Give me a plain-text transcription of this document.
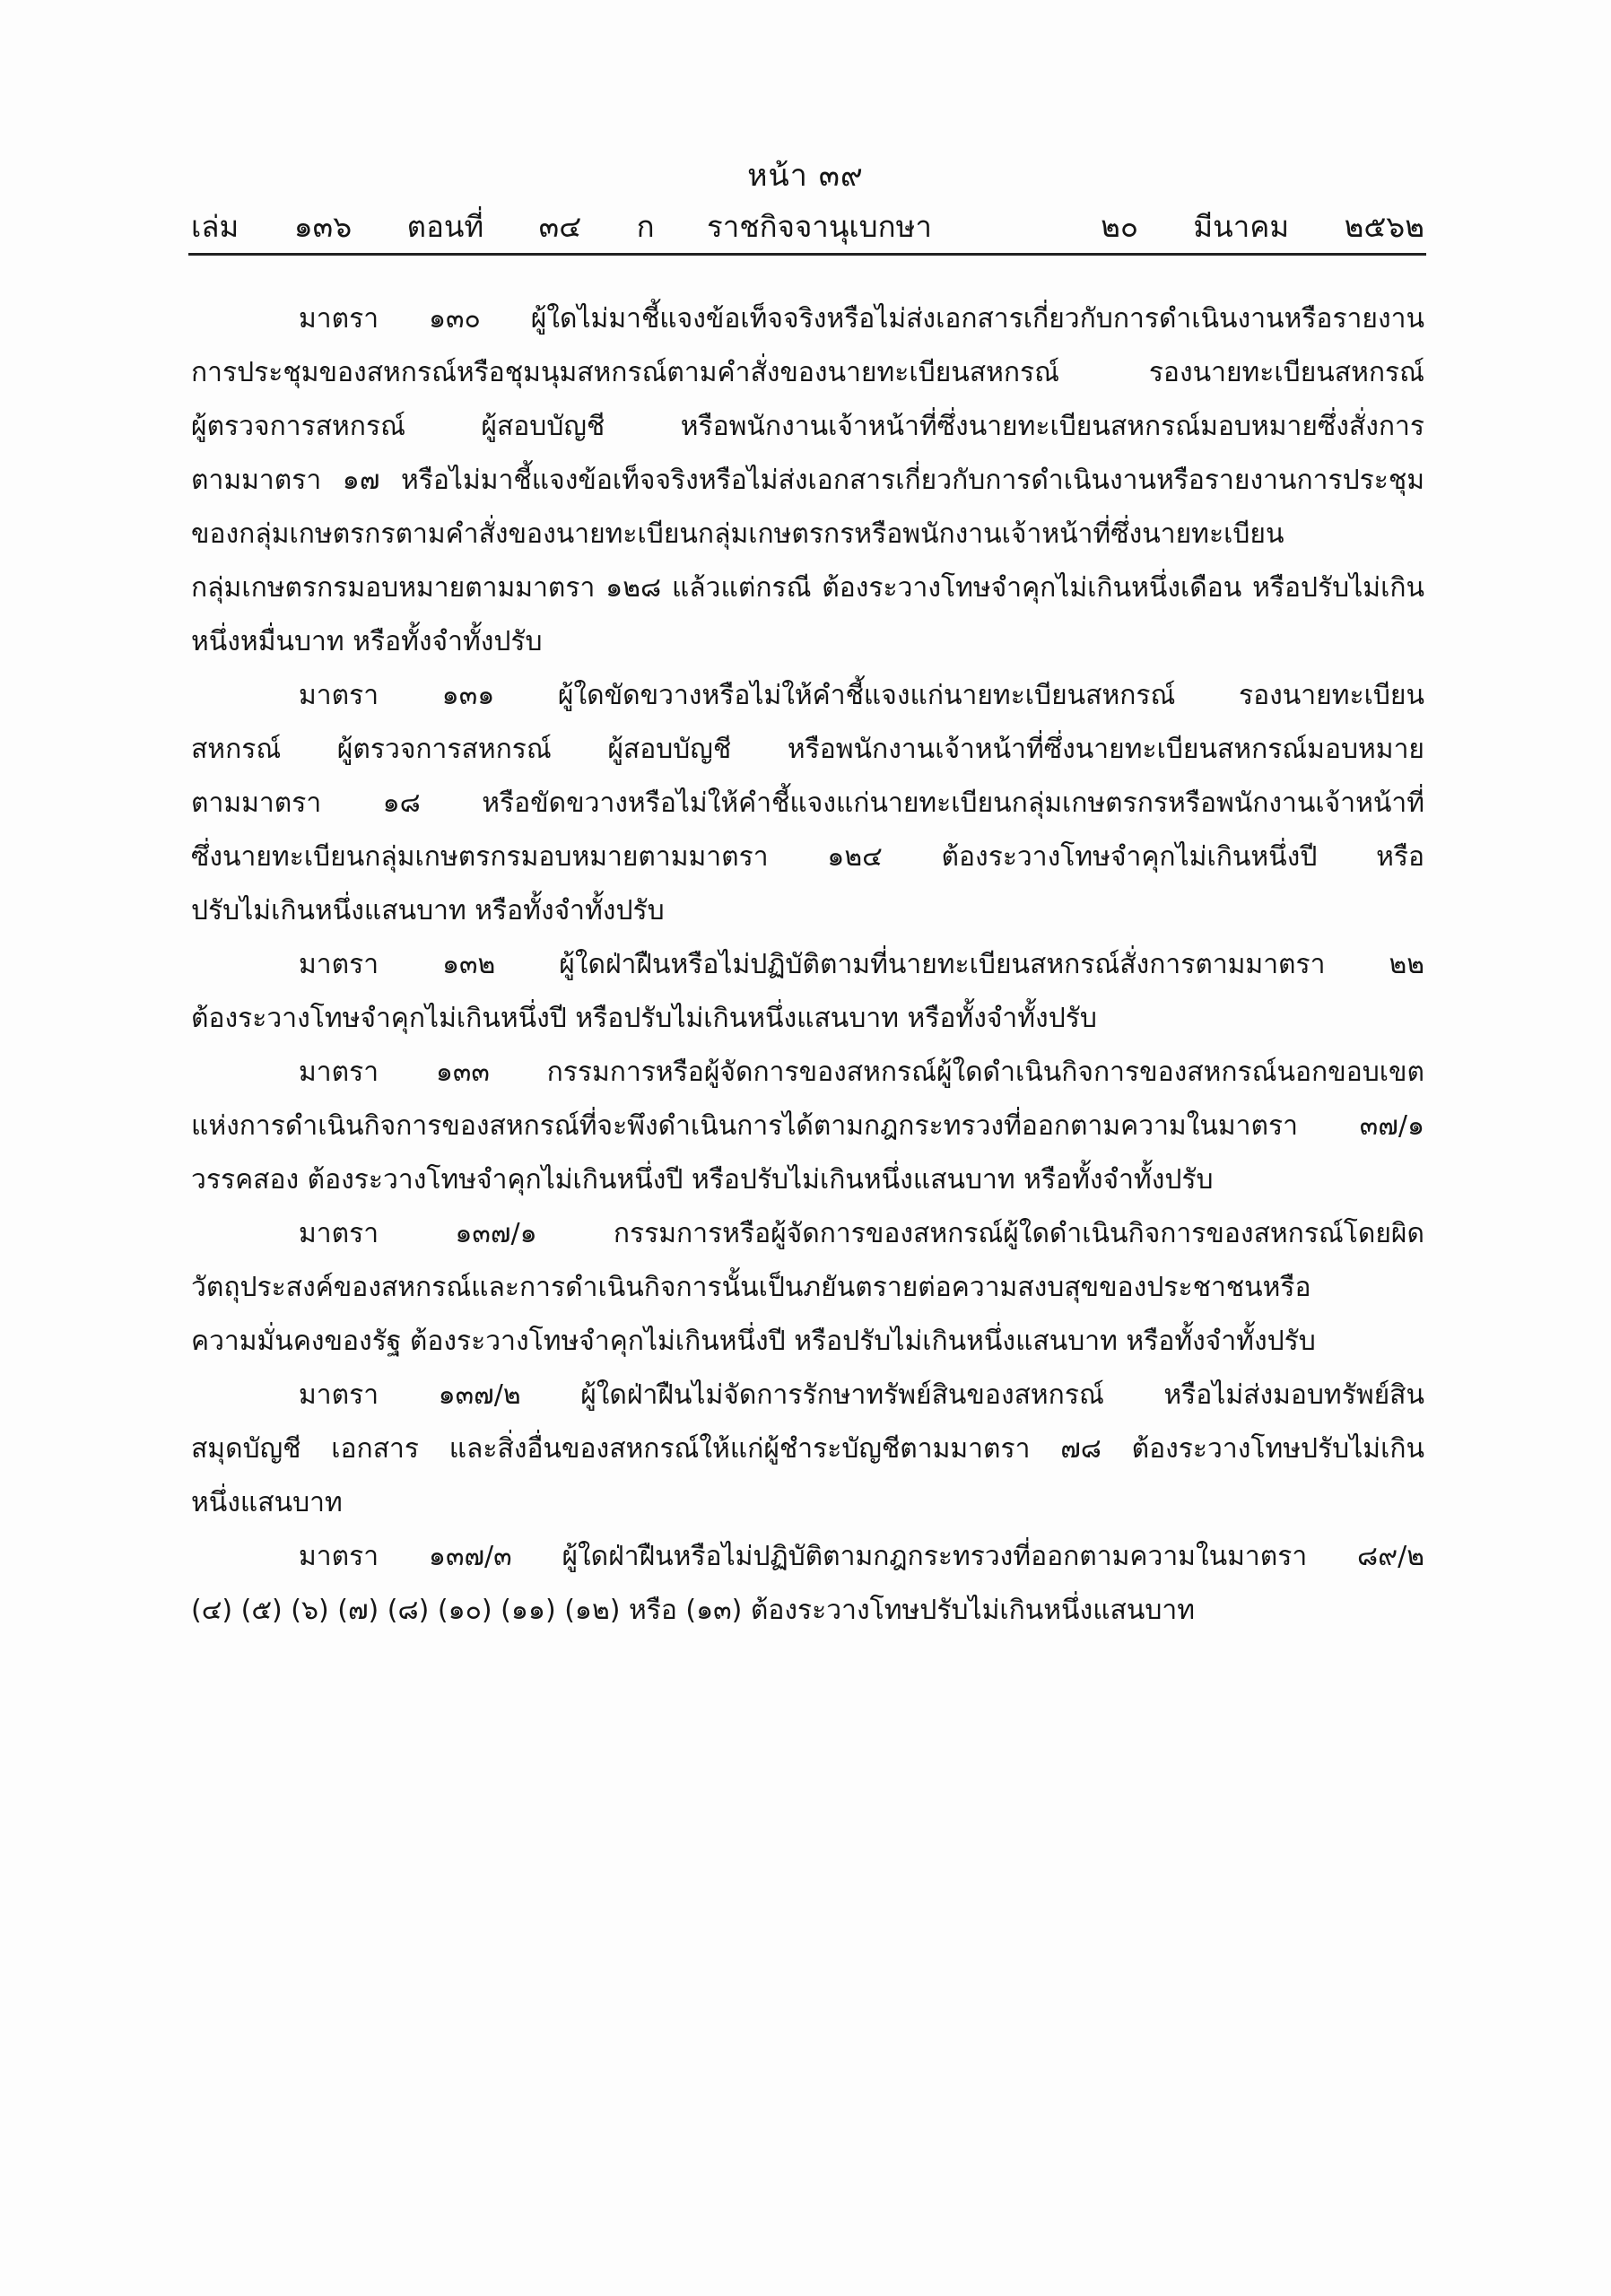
หน้า ๓๙
เล่ม   ๑๓๖   ตอนที่   ๓๔   ก ราชกิจจานุเบกษา	๒๐   มีนาคม   ๒๕๖๒
มาตรา ๑๓๐ ผู้ใดไม่มาชี้แจงข้อเท็จจริงหรือไม่ส่งเอกสารเกี่ยวกับการดำเนินงานหรือรายงาน
การประชุมของสหกรณ์หรือชุมนุมสหกรณ์ตามคำสั่งของนายทะเบียนสหกรณ์ รองนายทะเบียนสหกรณ์
ผู้ตรวจการสหกรณ์ ผู้สอบบัญชี หรือพนักงานเจ้าหน้าที่ซึ่งนายทะเบียนสหกรณ์มอบหมายซึ่งสั่งการ
ตามมาตรา ๑๗ หรือไม่มาชี้แจงข้อเท็จจริงหรือไม่ส่งเอกสารเกี่ยวกับการดำเนินงานหรือรายงานการประชุม
ของกลุ่มเกษตรกรตามคำสั่งของนายทะเบียนกลุ่มเกษตรกรหรือพนักงานเจ้าหน้าที่ซึ่งนายทะเบียน
กลุ่มเกษตรกรมอบหมายตามมาตรา ๑๒๘ แล้วแต่กรณี ต้องระวางโทษจำคุกไม่เกินหนึ่งเดือน หรือปรับไม่เกิน
หนึ่งหมื่นบาท หรือทั้งจำทั้งปรับ
มาตรา ๑๓๑ ผู้ใดขัดขวางหรือไม่ให้คำชี้แจงแก่นายทะเบียนสหกรณ์ รองนายทะเบียน
สหกรณ์ ผู้ตรวจการสหกรณ์ ผู้สอบบัญชี หรือพนักงานเจ้าหน้าที่ซึ่งนายทะเบียนสหกรณ์มอบหมาย
ตามมาตรา ๑๘ หรือขัดขวางหรือไม่ให้คำชี้แจงแก่นายทะเบียนกลุ่มเกษตรกรหรือพนักงานเจ้าหน้าที่
ซึ่งนายทะเบียนกลุ่มเกษตรกรมอบหมายตามมาตรา ๑๒๔ ต้องระวางโทษจำคุกไม่เกินหนึ่งปี หรือ
ปรับไม่เกินหนึ่งแสนบาท หรือทั้งจำทั้งปรับ
มาตรา ๑๓๒ ผู้ใดฝ่าฝืนหรือไม่ปฏิบัติตามที่นายทะเบียนสหกรณ์สั่งการตามมาตรา ๒๒
ต้องระวางโทษจำคุกไม่เกินหนึ่งปี หรือปรับไม่เกินหนึ่งแสนบาท หรือทั้งจำทั้งปรับ
มาตรา ๑๓๓ กรรมการหรือผู้จัดการของสหกรณ์ผู้ใดดำเนินกิจการของสหกรณ์นอกขอบเขต
แห่งการดำเนินกิจการของสหกรณ์ที่จะพึงดำเนินการได้ตามกฎกระทรวงที่ออกตามความในมาตรา ๓๗/๑
วรรคสอง ต้องระวางโทษจำคุกไม่เกินหนึ่งปี หรือปรับไม่เกินหนึ่งแสนบาท หรือทั้งจำทั้งปรับ
มาตรา ๑๓๗/๑ กรรมการหรือผู้จัดการของสหกรณ์ผู้ใดดำเนินกิจการของสหกรณ์โดยผิด
วัตถุประสงค์ของสหกรณ์และการดำเนินกิจการนั้นเป็นภยันตรายต่อความสงบสุขของประชาชนหรือ
ความมั่นคงของรัฐ ต้องระวางโทษจำคุกไม่เกินหนึ่งปี หรือปรับไม่เกินหนึ่งแสนบาท หรือทั้งจำทั้งปรับ
มาตรา ๑๓๗/๒ ผู้ใดฝ่าฝืนไม่จัดการรักษาทรัพย์สินของสหกรณ์ หรือไม่ส่งมอบทรัพย์สิน
สมุดบัญชี เอกสาร และสิ่งอื่นของสหกรณ์ให้แก่ผู้ชำระบัญชีตามมาตรา ๗๘ ต้องระวางโทษปรับไม่เกิน
หนึ่งแสนบาท
มาตรา ๑๓๗/๓ ผู้ใดฝ่าฝืนหรือไม่ปฏิบัติตามกฎกระทรวงที่ออกตามความในมาตรา ๘๙/๒
(๔) (๕) (๖) (๗) (๘) (๑๐) (๑๑) (๑๒) หรือ (๑๓) ต้องระวางโทษปรับไม่เกินหนึ่งแสนบาท
